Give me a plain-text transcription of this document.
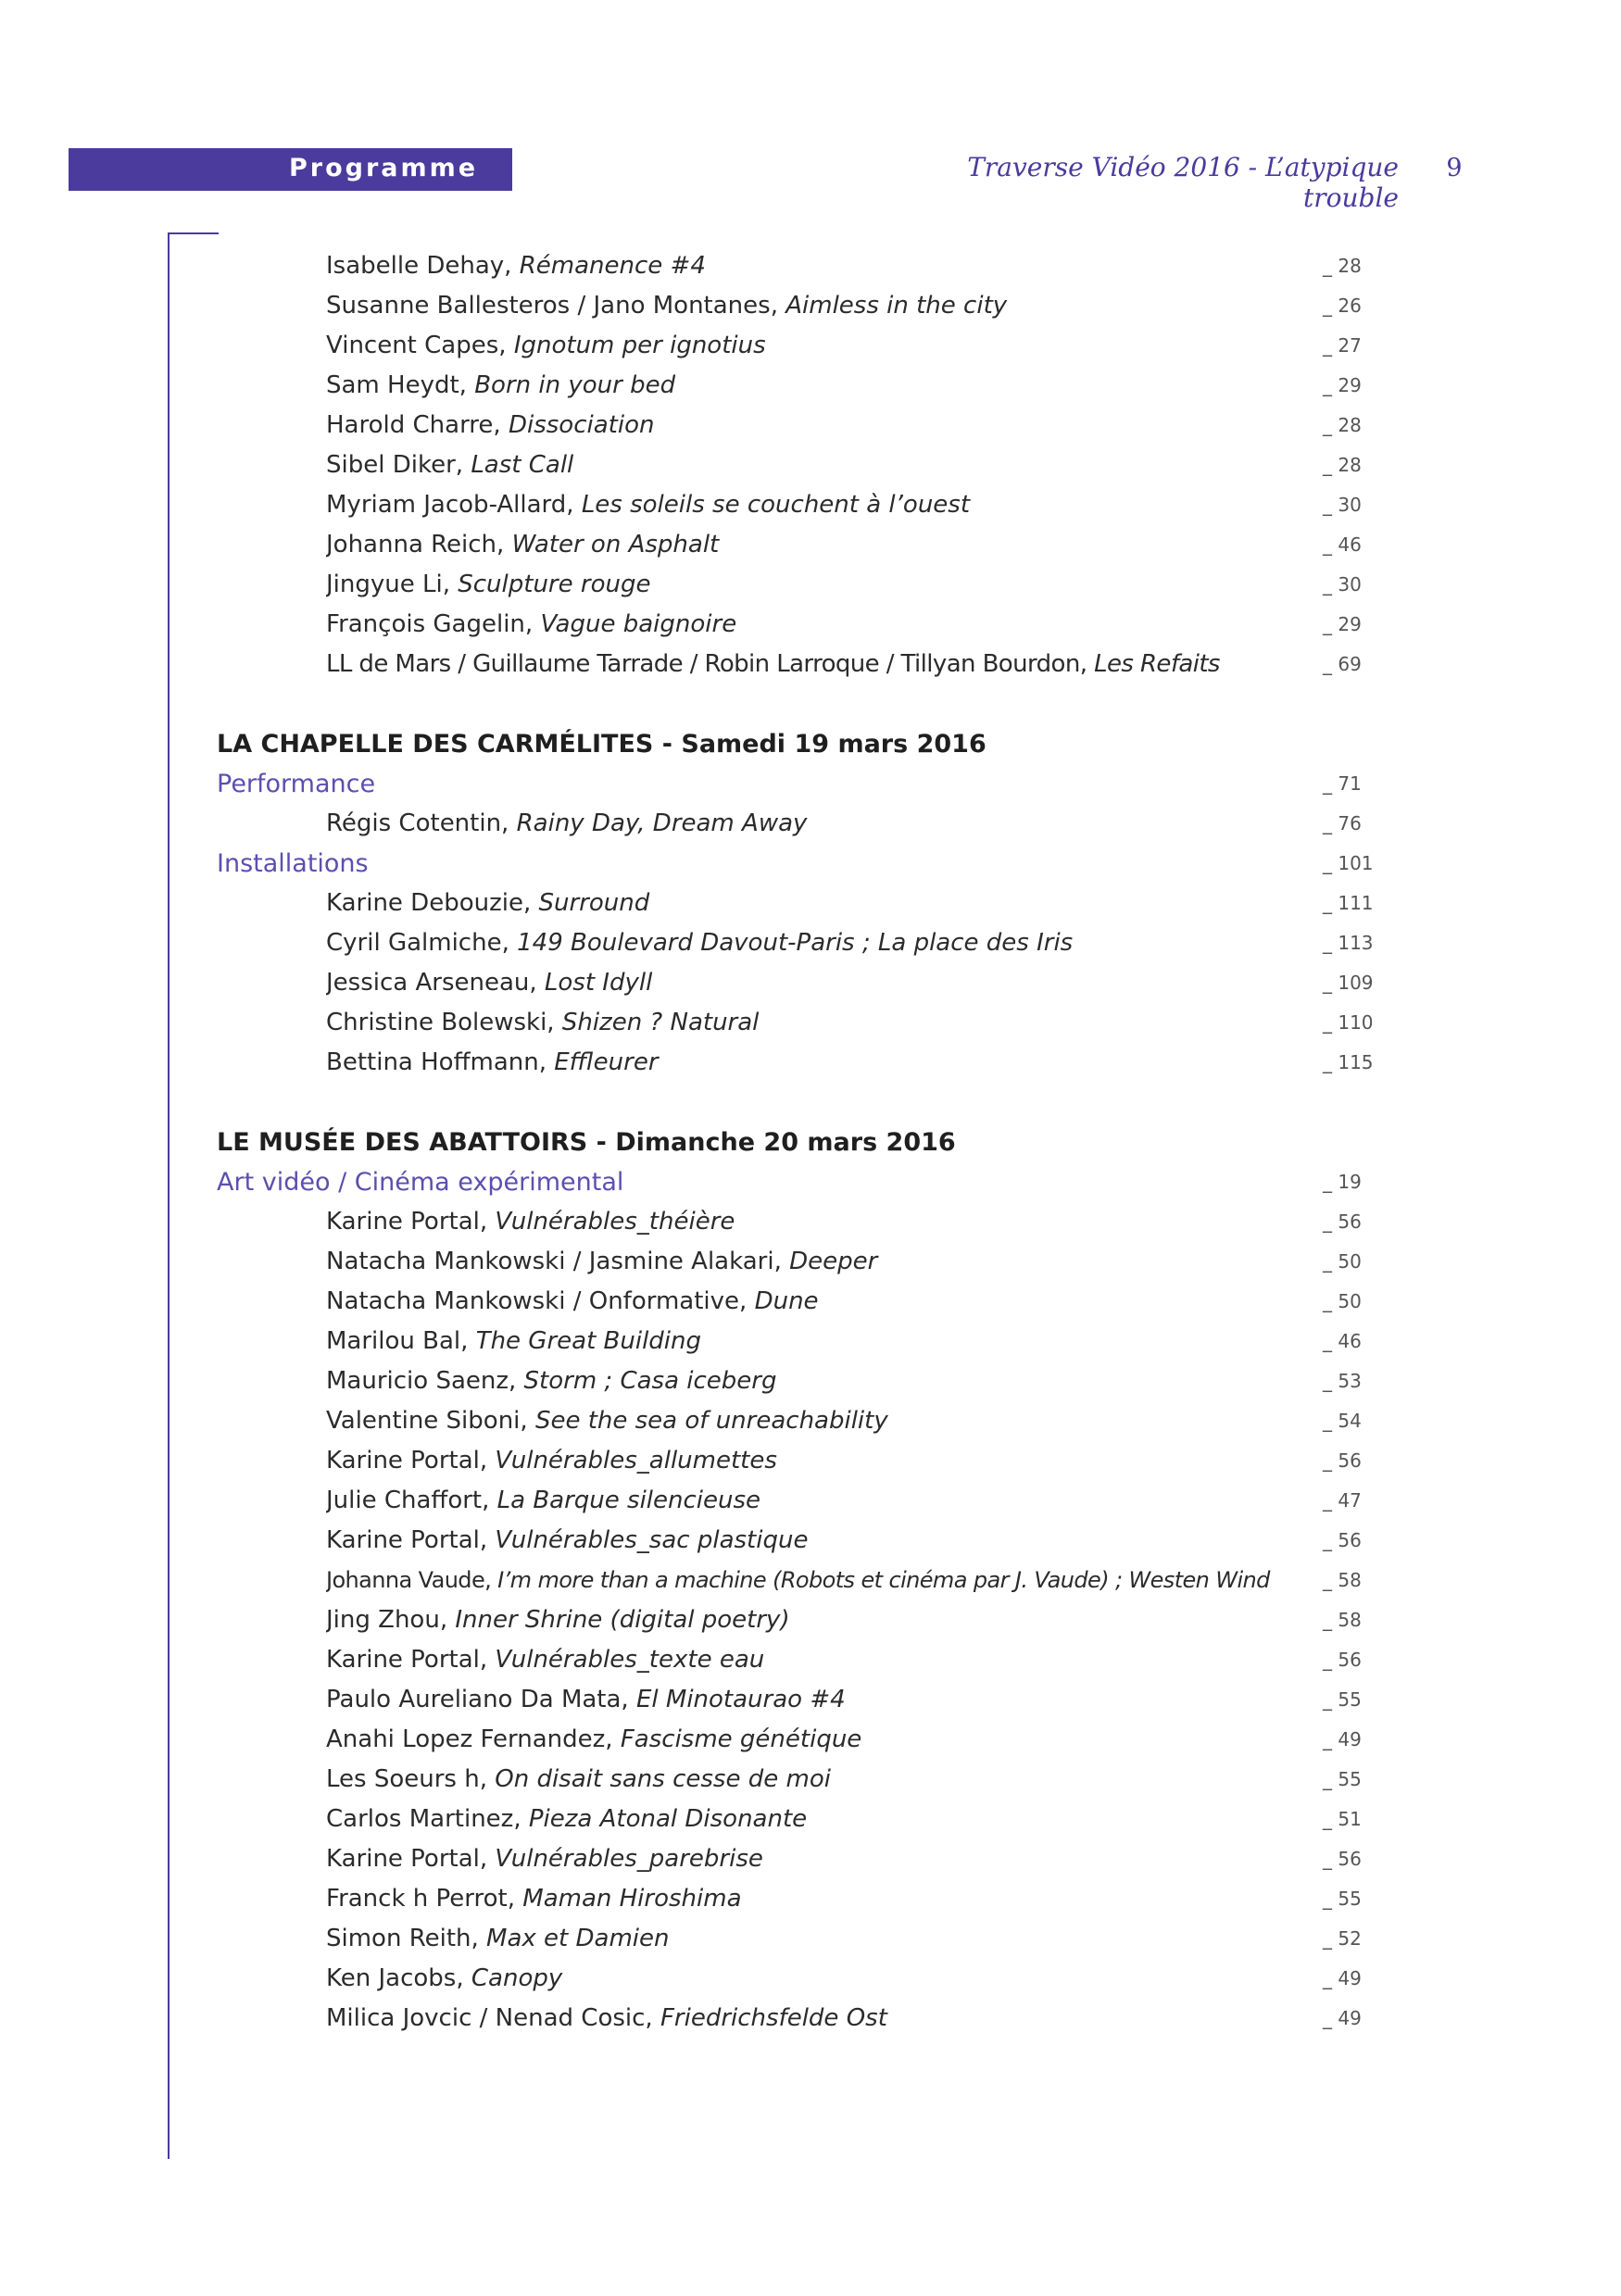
Programme	Traverse Vidéo 2016 - L’atypique trouble
9
Isabelle Dehay, Rémanence #4	_ 28
Susanne Ballesteros / Jano Montanes, Aimless in the city	_ 26
Vincent Capes, Ignotum per ignotius	_ 27
Sam Heydt, Born in your bed	_ 29
Harold Charre, Dissociation	_ 28
Sibel Diker, Last Call	_ 28
Myriam Jacob-Allard, Les soleils se couchent à l’ouest	_ 30
Johanna Reich, Water on Asphalt	_ 46
Jingyue Li, Sculpture rouge	_ 30
François Gagelin, Vague baignoire	_ 29
LL de Mars / Guillaume Tarrade / Robin Larroque / Tillyan Bourdon, Les Refaits	_ 69
LA CHAPELLE DES CARMÉLITES - Samedi 19 mars 2016
Performance	_ 71
Régis Cotentin, Rainy Day, Dream Away	_ 76
Installations	_ 101
Karine Debouzie, Surround	_ 111
Cyril Galmiche, 149 Boulevard Davout-Paris ; La place des Iris	_ 113
Jessica Arseneau, Lost Idyll	_ 109
Christine Bolewski, Shizen ? Natural	_ 110
Bettina Hoffmann, Effleurer	_ 115
LE MUSÉE DES ABATTOIRS - Dimanche 20 mars 2016
Art vidéo / Cinéma expérimental	_ 19
Karine Portal, Vulnérables_théière	_ 56
Natacha Mankowski / Jasmine Alakari, Deeper	_ 50
Natacha Mankowski / Onformative, Dune	_ 50
Marilou Bal, The Great Building	_ 46
Mauricio Saenz, Storm ; Casa iceberg	_ 53
Valentine Siboni, See the sea of unreachability	_ 54
Karine Portal, Vulnérables_allumettes	_ 56
Julie Chaffort, La Barque silencieuse	_ 47
Karine Portal, Vulnérables_sac plastique	_ 56
Johanna Vaude, I’m more than a machine (Robots et cinéma par J. Vaude) ; Westen Wind	_ 58
Jing Zhou, Inner Shrine (digital poetry)	_ 58
Karine Portal, Vulnérables_texte eau	_ 56
Paulo Aureliano Da Mata, El Minotaurao #4	_ 55
Anahi Lopez Fernandez, Fascisme génétique	_ 49
Les Soeurs h, On disait sans cesse de moi	_ 55
Carlos Martinez, Pieza Atonal Disonante	_ 51
Karine Portal, Vulnérables_parebrise	_ 56
Franck h Perrot, Maman Hiroshima	_ 55
Simon Reith, Max et Damien	_ 52
Ken Jacobs, Canopy	_ 49
Milica Jovcic / Nenad Cosic, Friedrichsfelde Ost	_ 49
